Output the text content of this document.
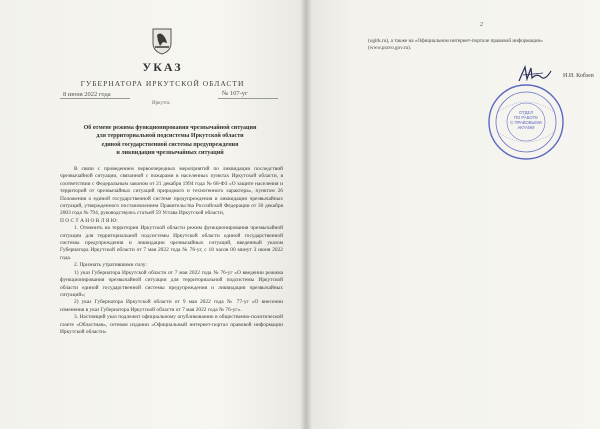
УКАЗ
ГУБЕРНАТОРА ИРКУТСКОЙ ОБЛАСТИ
8 июня 2022 года	№ 107-уг
Иркутск
Об отмене режима функционирования чрезвычайной ситуации
для территориальной подсистемы Иркутской области
единой государственной системы предупреждения
и ликвидации чрезвычайных ситуаций

В связи с проведением первоочередных мероприятий по ликвидации последствий чрезвычайной ситуации, связанной с пожарами в населенных пунктах Иркутской области, в соответствии с Федеральным законом от 21 декабря 1994 года № 68-ФЗ «О защите населения и территорий от чрезвычайных ситуаций природного и техногенного характера», пунктом 26 Положения о единой государственной системе предупреждения и ликвидации чрезвычайных ситуаций, утвержденного постановлением Правительства Российской Федерации от 30 декабря 2003 года № 794, руководствуясь статьей 59 Устава Иркутской области,

П О С Т А Н О В Л Я Ю:

1. Отменить на территории Иркутской области режим функционирования чрезвычайной ситуации для территориальной подсистемы Иркутской области единой государственной системы предупреждения и ликвидации чрезвычайных ситуаций, введенный указом Губернатора Иркутской области от 7 мая 2022 года № 76-уг, с 18 часов 00 минут 3 июня 2022 года.

2. Признать утратившими силу:

1) указ Губернатора Иркутской области от 7 мая 2022 года № 76-уг «О введении режима функционирования чрезвычайной ситуации для территориальной подсистемы Иркутской области единой государственной системы предупреждения и ликвидации чрезвычайных ситуаций»;

2) указ Губернатора Иркутской области от 9 мая 2022 года № 77-уг «О внесении изменения в указ Губернатора Иркутской области от 7 мая 2022 года № 76-уг».

3. Настоящий указ подлежит официальному опубликованию в общественно-политической газете «Областная», сетевом издании «Официальный интернет-портал правовой информации Иркутской области»

2
(ogirk.ru), а также на «Официальном интернет-портале правовой информации»
(www.pravo.gov.ru).
И.И. Кобзев
ОТДЕЛ
ПО РАБОТЕ
С ПРАВОВЫМИ
АКТАМИ
